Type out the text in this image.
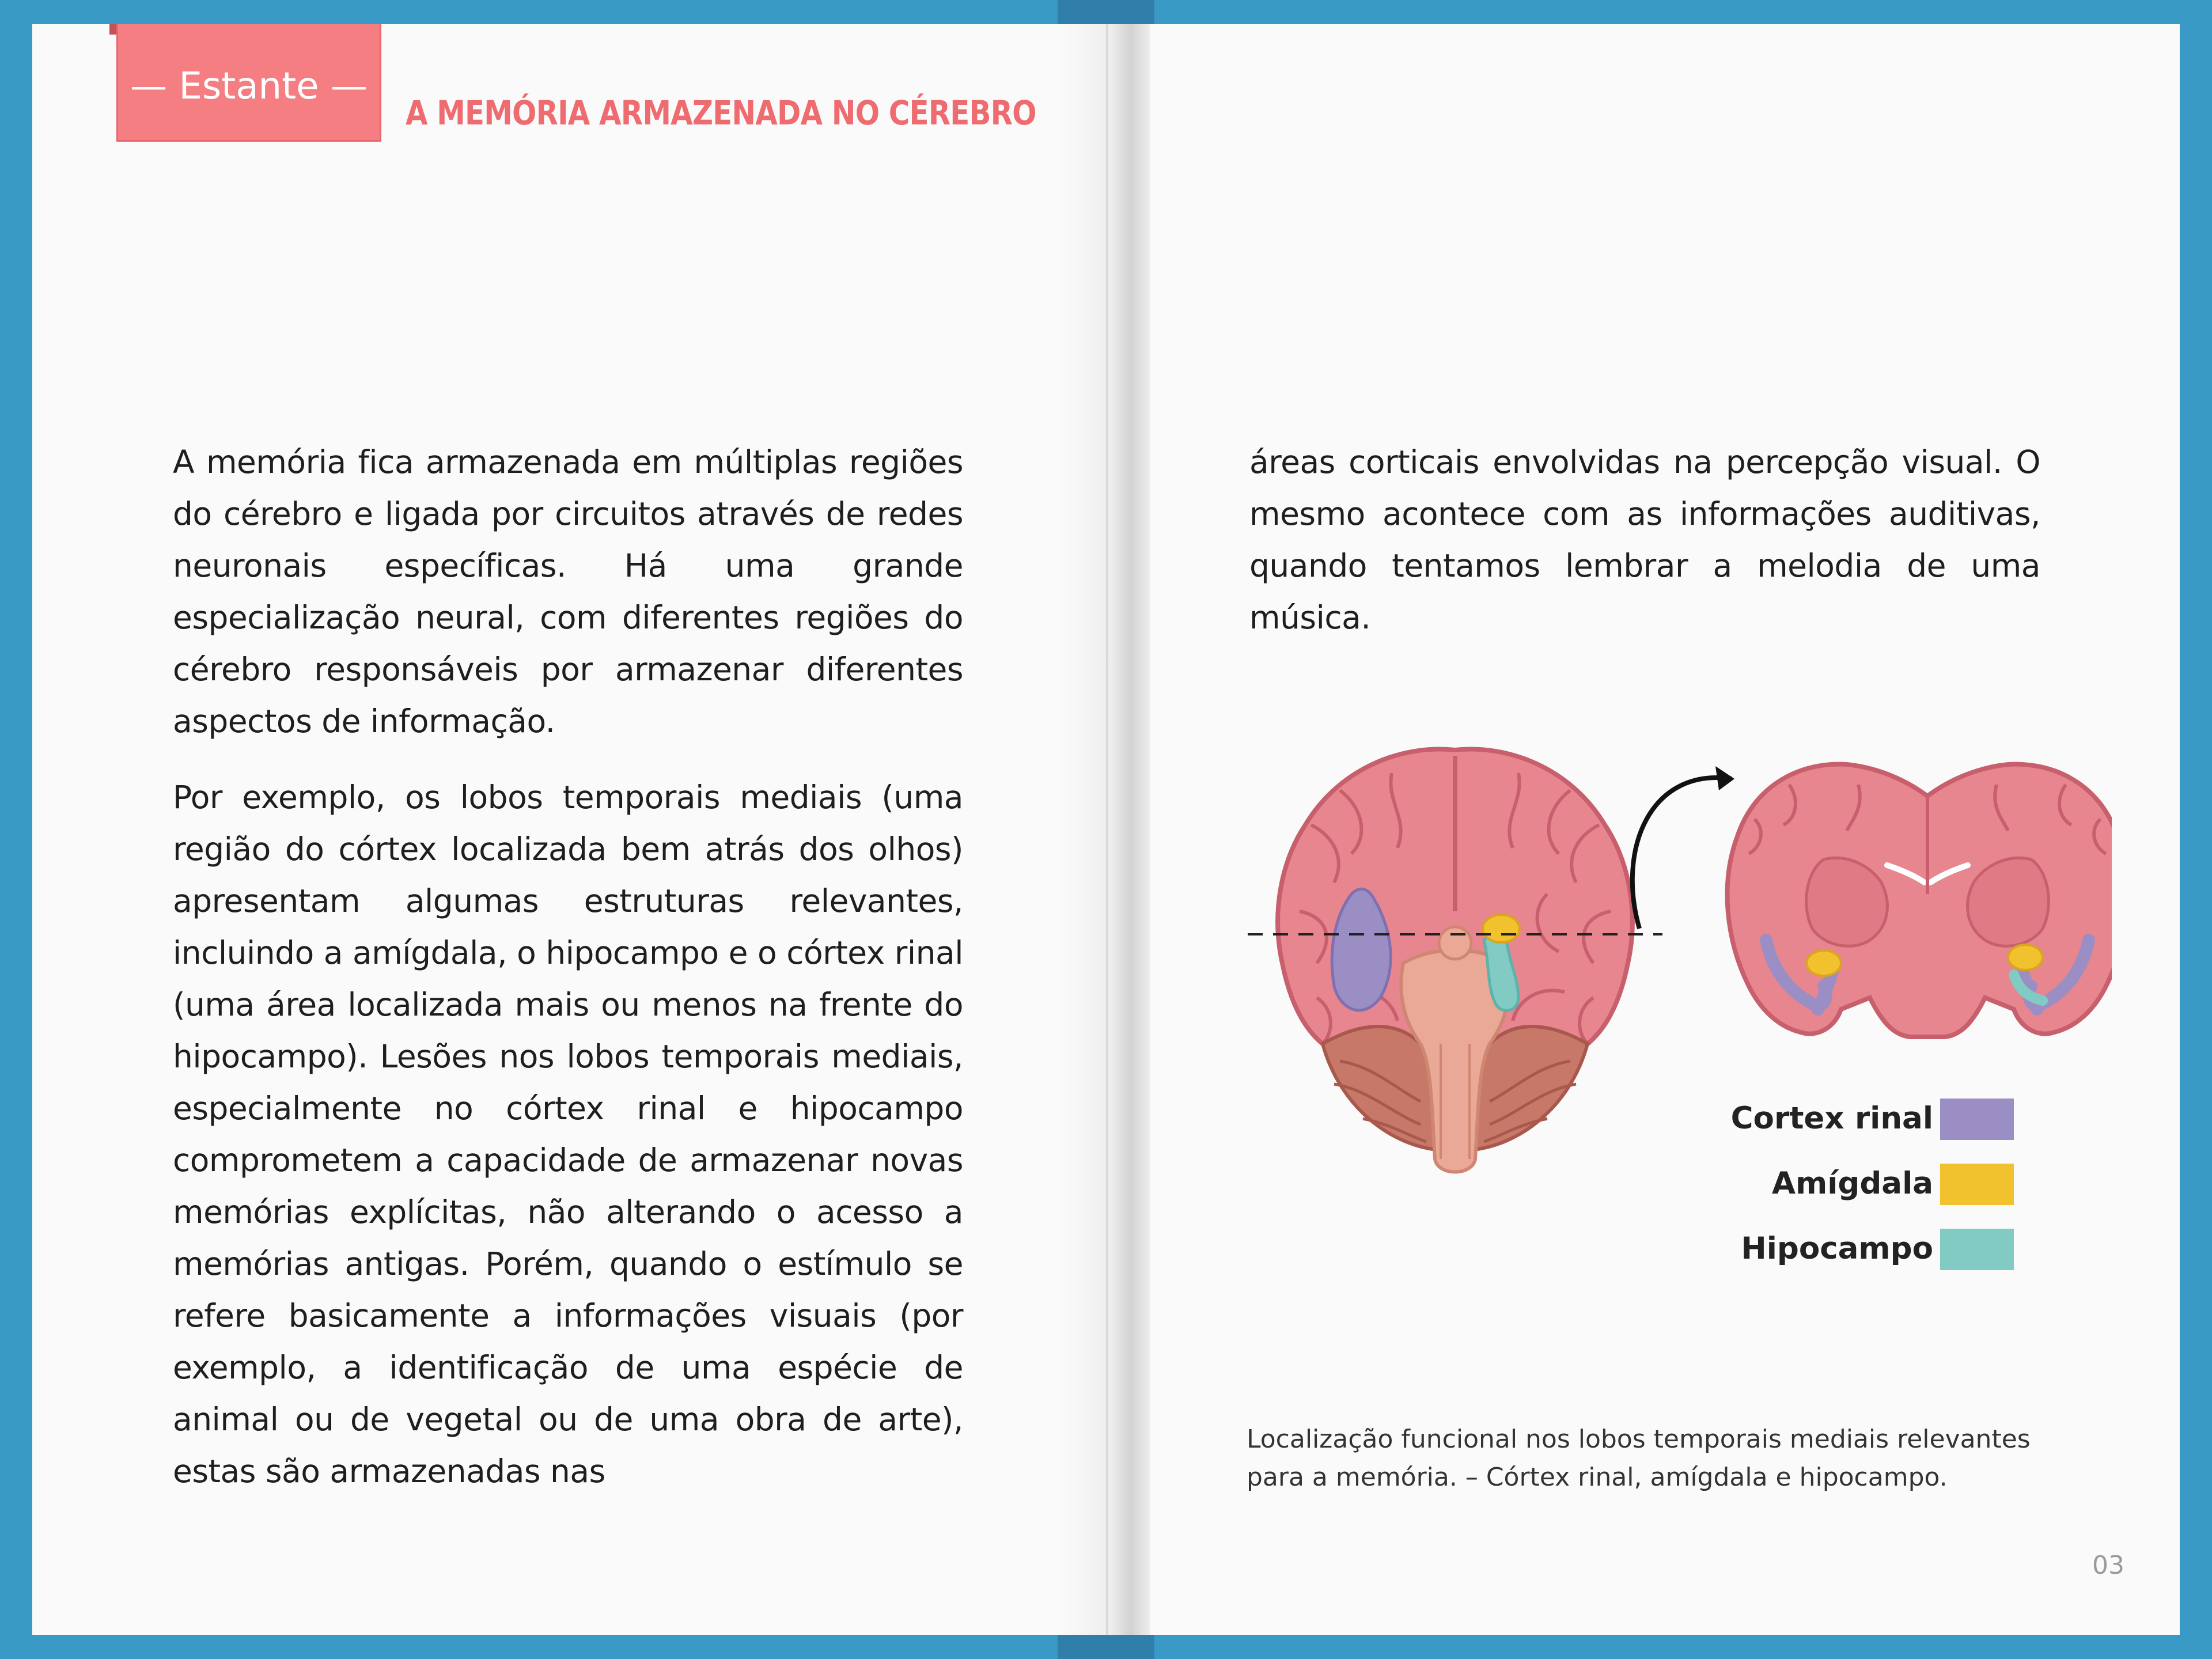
— Estante —
A MEMÓRIA ARMAZENADA NO CÉREBRO

A memória fica armazenada em múltiplas regiões do cérebro e ligada por circuitos através de redes neuronais específicas. Há uma grande especialização neural, com diferentes regiões do cérebro responsáveis por armazenar diferentes aspectos de informação.

Por exemplo, os lobos temporais mediais (uma região do córtex localizada bem atrás dos olhos) apresentam algumas estruturas relevantes, incluindo a amígdala, o hipocampo e o córtex rinal (uma área localizada mais ou menos na frente do hipocampo). Lesões nos lobos temporais mediais, especialmente no córtex rinal e hipocampo comprometem a capacidade de armazenar novas memórias explícitas, não alterando o acesso a memórias antigas. Porém, quando o estímulo se refere basicamente a informações visuais (por exemplo, a identificação de uma espécie de animal ou de vegetal ou de uma obra de arte), estas são armazenadas nas

áreas corticais envolvidas na percepção visual. O mesmo acontece com as informações auditivas, quando tentamos lembrar a melodia de uma música.

Cortex rinal
Amígdala
Hipocampo

Localização funcional nos lobos temporais mediais relevantes

para a memória. – Córtex rinal, amígdala e hipocampo.

03
